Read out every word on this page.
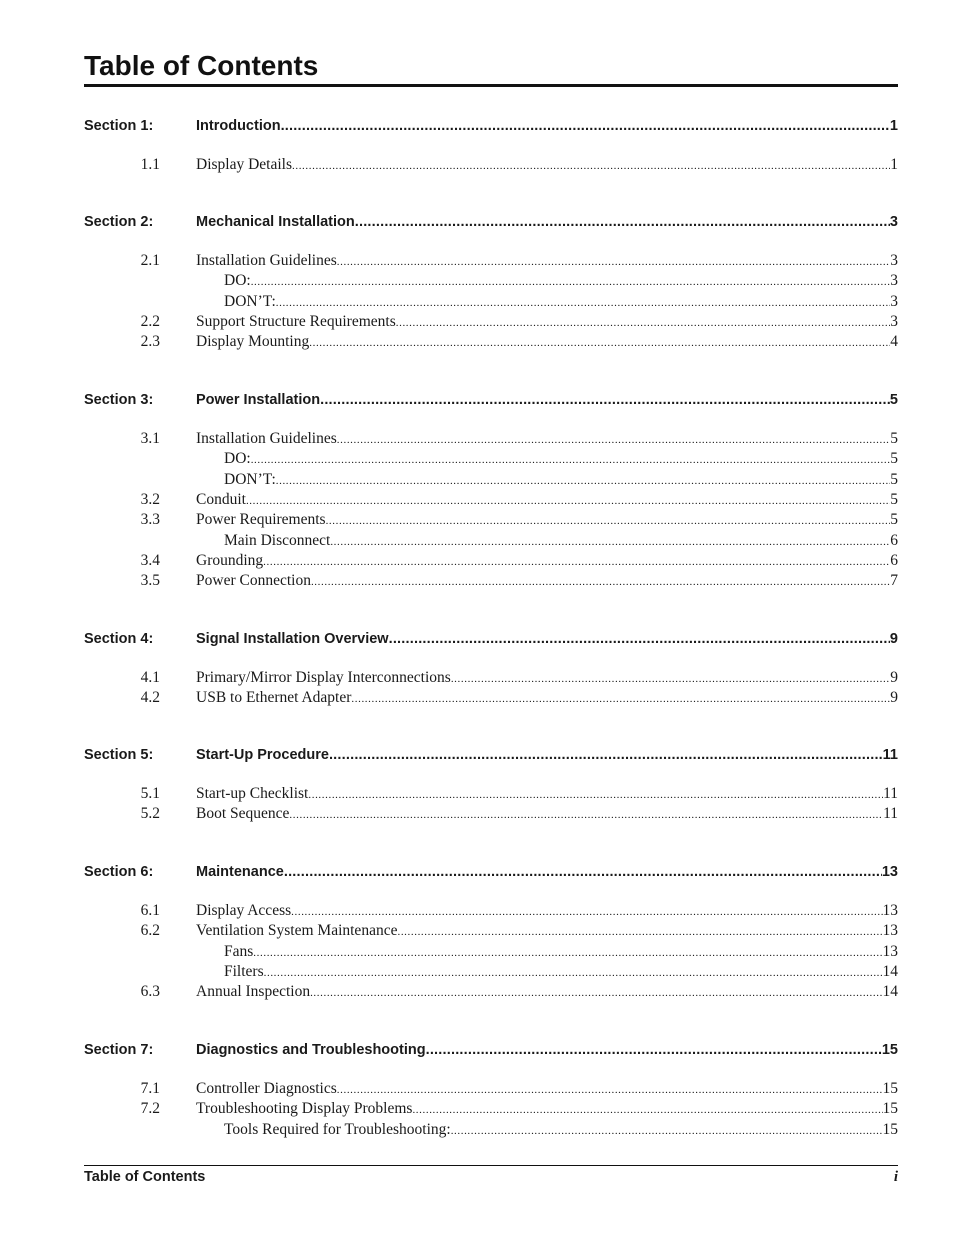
Table of Contents
Section 1:	Introduction .....	1
1.1	Display Details .....	1
Section 2:	Mechanical Installation .....	3
2.1	Installation Guidelines .....	3
DO: .....	3
DON’T: .....	3
2.2	Support Structure Requirements .....	3
2.3	Display Mounting .....	4
Section 3:	Power Installation .....	5
3.1	Installation Guidelines .....	5
DO: .....	5
DON’T: .....	5
3.2	Conduit .....	5
3.3	Power Requirements .....	5
Main Disconnect .....	6
3.4	Grounding .....	6
3.5	Power Connection .....	7
Section 4:	Signal Installation Overview .....	9
4.1	Primary/Mirror Display Interconnections .....	9
4.2	USB to Ethernet Adapter .....	9
Section 5:	Start-Up Procedure .....	11
5.1	Start-up Checklist .....	11
5.2	Boot Sequence .....	11
Section 6:	Maintenance .....	13
6.1	Display Access .....	13
6.2	Ventilation System Maintenance .....	13
Fans .....	13
Filters .....	14
6.3	Annual Inspection .....	14
Section 7:	Diagnostics and Troubleshooting .....	15
7.1	Controller Diagnostics .....	15
7.2	Troubleshooting Display Problems .....	15
Tools Required for Troubleshooting: .....	15
Table of Contents	i
